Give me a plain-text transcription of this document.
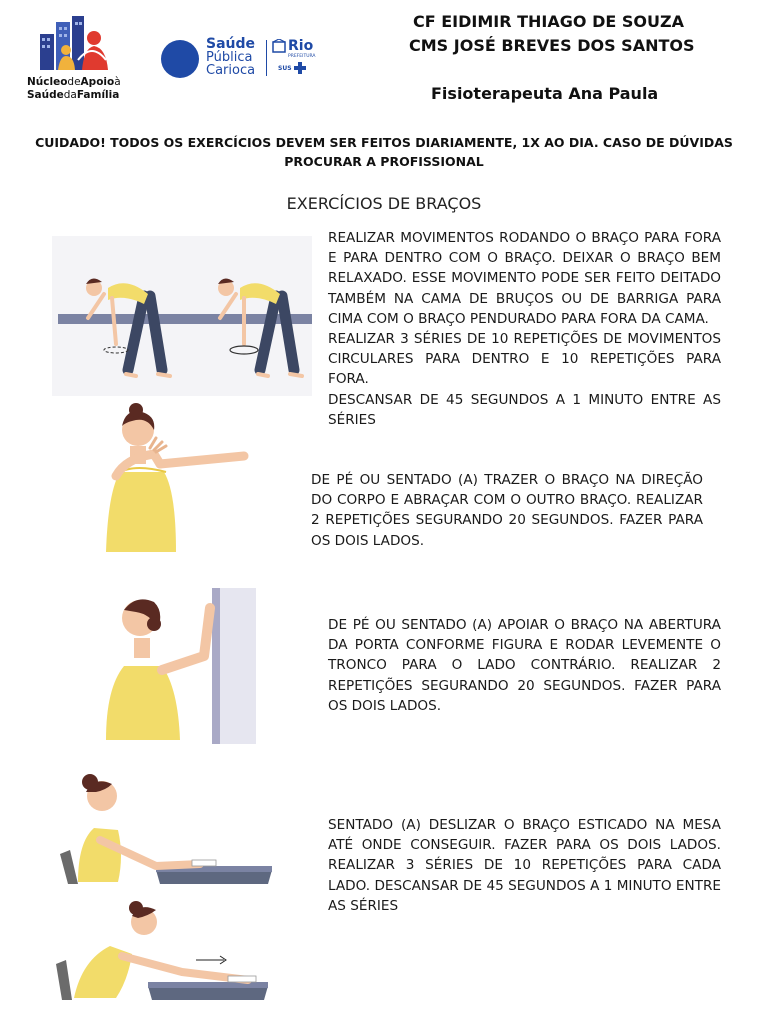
NúcleodeApoioà
SaúdedaFamília
Saúde
Pública
Carioca
Rio
PREFEITURA
SUS
CF EIDIMIR THIAGO DE SOUZA
CMS JOSÉ BREVES DOS SANTOS
Fisioterapeuta Ana Paula
CUIDADO! TODOS OS EXERCÍCIOS DEVEM SER FEITOS DIARIAMENTE, 1X AO DIA. CASO DE DÚVIDAS PROCURAR A PROFISSIONAL
EXERCÍCIOS DE BRAÇOS

REALIZAR MOVIMENTOS RODANDO O BRAÇO PARA FORA E PARA DENTRO COM O BRAÇO. DEIXAR O BRAÇO BEM RELAXADO. ESSE MOVIMENTO PODE SER FEITO DEITADO TAMBÉM NA CAMA DE BRUÇOS OU DE BARRIGA PARA CIMA COM O BRAÇO PENDURADO PARA FORA DA CAMA.

REALIZAR 3 SÉRIES DE 10 REPETIÇÕES DE MOVIMENTOS CIRCULARES PARA DENTRO E 10 REPETIÇÕES PARA FORA.

DESCANSAR DE 45 SEGUNDOS A 1 MINUTO ENTRE AS SÉRIES

DE PÉ OU SENTADO (A) TRAZER O BRAÇO NA DIREÇÃO DO CORPO E ABRAÇAR COM O OUTRO BRAÇO. REALIZAR 2 REPETIÇÕES SEGURANDO 20 SEGUNDOS. FAZER PARA OS DOIS LADOS.

DE PÉ OU SENTADO (A) APOIAR O BRAÇO NA ABERTURA DA PORTA CONFORME FIGURA E RODAR LEVEMENTE O TRONCO PARA O LADO CONTRÁRIO. REALIZAR 2 REPETIÇÕES SEGURANDO 20 SEGUNDOS. FAZER PARA OS DOIS LADOS.

SENTADO (A) DESLIZAR O BRAÇO ESTICADO NA MESA ATÉ ONDE CONSEGUIR. FAZER PARA OS DOIS LADOS. REALIZAR 3 SÉRIES DE 10 REPETIÇÕES PARA CADA LADO. DESCANSAR DE 45 SEGUNDOS A 1 MINUTO ENTRE AS SÉRIES
